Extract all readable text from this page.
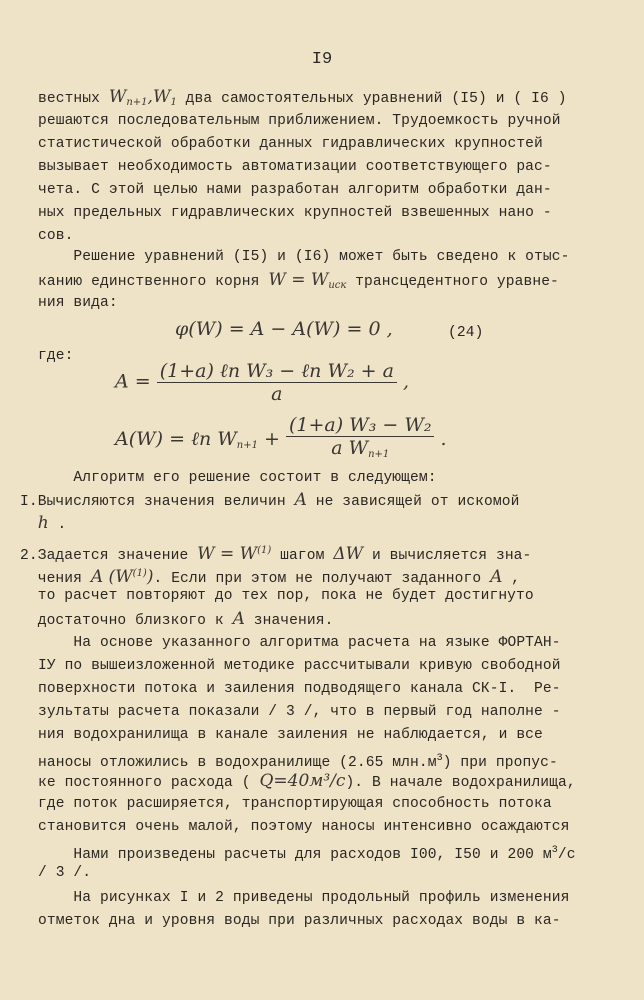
I9
вестных $W_{n+1},W_1$ два самостоятельных уравнений (I5) и ( I6 )
решаются последовательным приближением. Трудоемкость ручной
статистической обработки данных гидравлических крупностей
вызывает необходимость автоматизации соответствующего рас-
чета. С этой целью нами разработан алгоритм обработки дан-
ных предельных гидравлических крупностей взвешенных нано -
сов.
Решение уравнений (I5) и (I6) может быть сведено к отыс-
канию единственного корня $W = W_{иск}$ трансцедентного уравне-
ния вида:
φ(W) = A − A(W) = 0 ,	(24)
где:
$A = \frac{\text{(1+a) ℓn W₃ − ℓn W₂ + a}}{a}$ ,
A(W) = ℓn $W_{n+1} + \frac{\text{(1+a) W₃ − W₂}}{a W_{n+1}}$ .
Алгоритм его решение состоит в следующем:
I.Вычисляются значения величин A не зависящей от искомой
h .
2.Задается значение $W = W^{(1)}$ шагом ΔW и вычисляется зна-
чения A $(W^{(1)})$. Если при этом не получают заданного A ,
то расчет повторяют до тех пор, пока не будет достигнуто
достаточно близкого к A значения.
На основе указанного алгоритма расчета на языке ФОРТАН-
IУ по вышеизложенной методике рассчитывали кривую свободной
поверхности потока и заиления подводящего канала СК-I.  Ре-
зультаты расчета показали / 3 /, что в первый год наполне -
ния водохранилища в канале заиления не наблюдается, и все
наносы отложились в водохранилище (2.65 $млн.м^3$) при пропус-
ке постоянного расхода ( Q=40м³/с). В начале водохранилища,
где поток расширяется, транспортирующая способность потока
становится очень малой, поэтому наносы интенсивно осаждаются
Нами произведены расчеты для расходов I00, I50 и 200 $м^3/с$
/ 3 /.
На рисунках I и 2 приведены продольный профиль изменения
отметок дна и уровня воды при различных расходах воды в ка-
